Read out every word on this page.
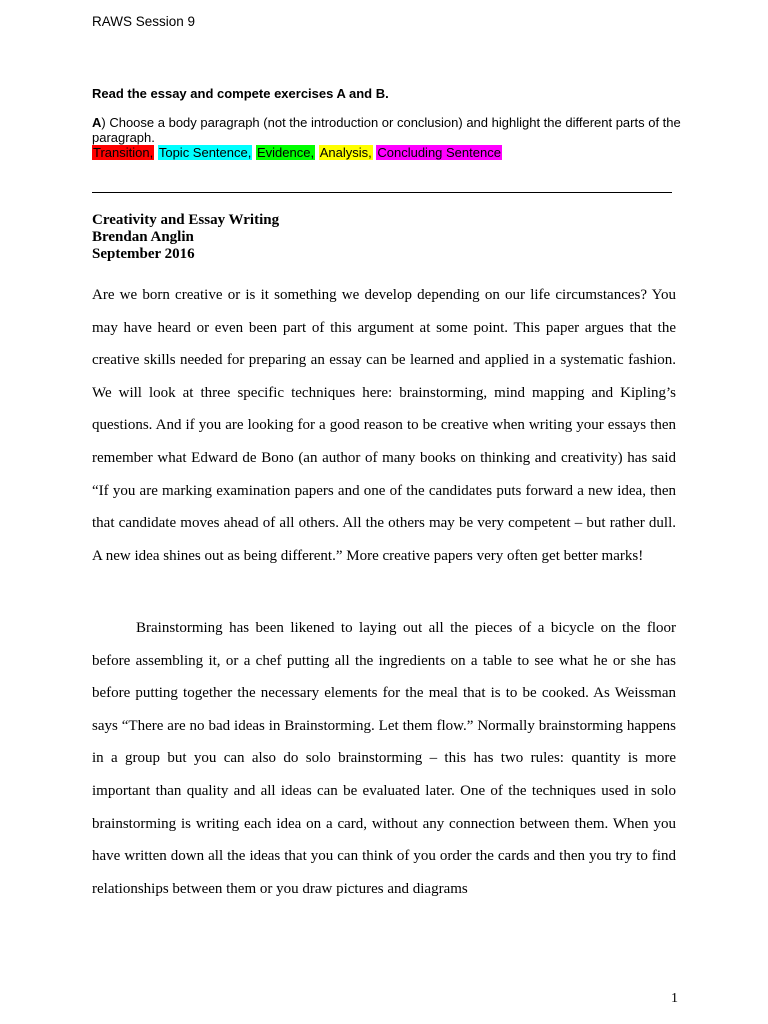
RAWS Session 9

Read the essay and compete exercises A and B.

A) Choose a body paragraph (not the introduction or conclusion) and highlight the different parts of the paragraph.

Transition, Topic Sentence, Evidence, Analysis, Concluding Sentence

Creativity and Essay Writing
Brendan Anglin
September 2016

Are we born creative or is it something we develop depending on our life circumstances? You may have heard or even been part of this argument at some point. This paper argues that the creative skills needed for preparing an essay can be learned and applied in a systematic fashion. We will look at three specific techniques here: brainstorming, mind mapping and Kipling’s questions. And if you are looking for a good reason to be creative when writing your essays then remember what Edward de Bono (an author of many books on thinking and creativity) has said “If you are marking examination papers and one of the candidates puts forward a new idea, then that candidate moves ahead of all others. All the others may be very competent – but rather dull. A new idea shines out as being different.” More creative papers very often get better marks!

Brainstorming has been likened to laying out all the pieces of a bicycle on the floor before assembling it, or a chef putting all the ingredients on a table to see what he or she has before putting together the necessary elements for the meal that is to be cooked. As Weissman says “There are no bad ideas in Brainstorming. Let them flow.” Normally brainstorming happens in a group but you can also do solo brainstorming – this has two rules: quantity is more important than quality and all ideas can be evaluated later. One of the techniques used in solo brainstorming is writing each idea on a card, without any connection between them. When you have written down all the ideas that you can think of you order the cards and then you try to find relationships between them or you draw pictures and diagrams

1
